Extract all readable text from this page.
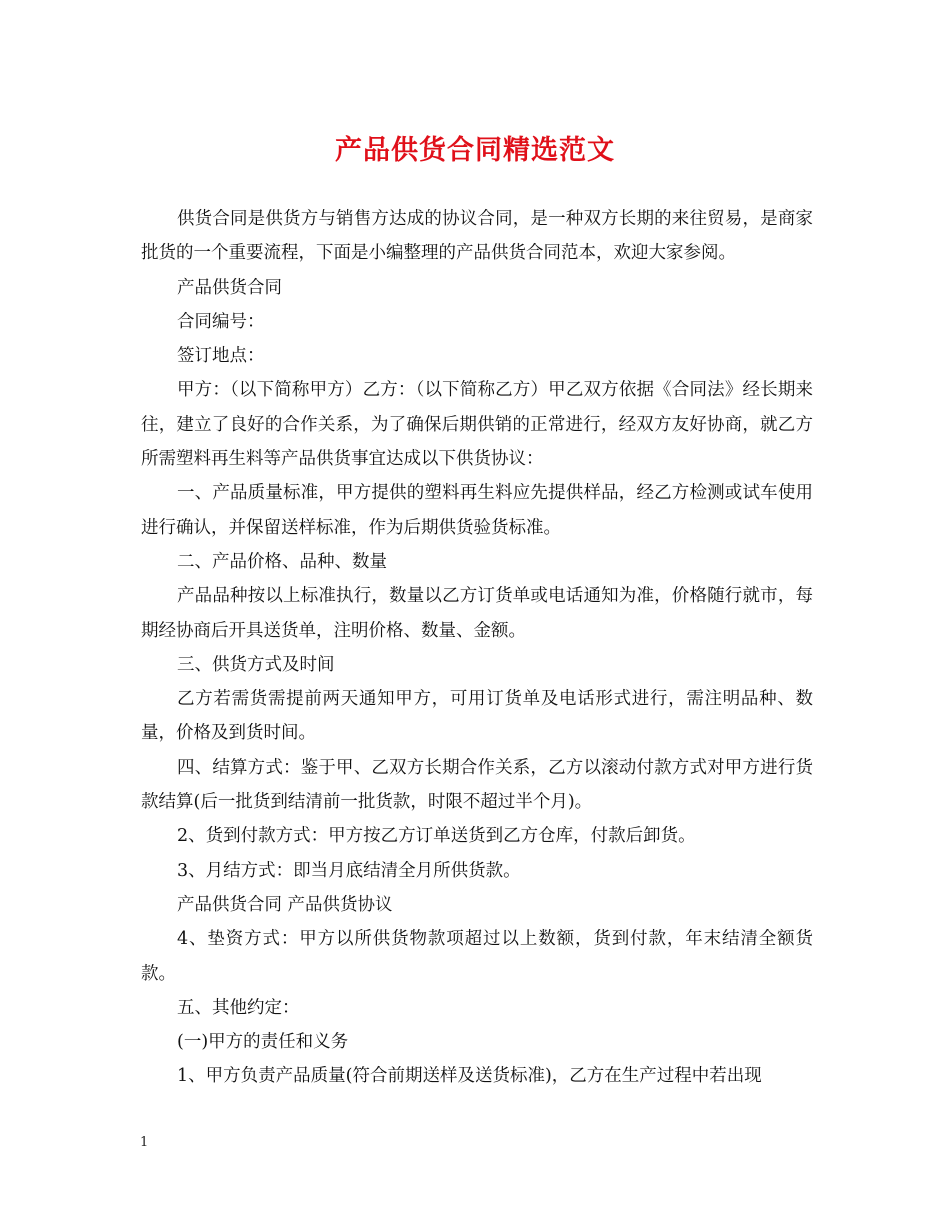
产品供货合同精选范文

供货合同是供货方与销售方达成的协议合同，是一种双方长期的来往贸易，是商家批货的一个重要流程，下面是小编整理的产品供货合同范本，欢迎大家参阅。

产品供货合同

合同编号：

签订地点：

甲方：（以下简称甲方）乙方：（以下简称乙方）甲乙双方依据《合同法》经长期来往，建立了良好的合作关系，为了确保后期供销的正常进行，经双方友好协商，就乙方所需塑料再生料等产品供货事宜达成以下供货协议：

一、产品质量标准，甲方提供的塑料再生料应先提供样品，经乙方检测或试车使用进行确认，并保留送样标准，作为后期供货验货标准。

二、产品价格、品种、数量

产品品种按以上标准执行，数量以乙方订货单或电话通知为准，价格随行就市，每期经协商后开具送货单，注明价格、数量、金额。

三、供货方式及时间

乙方若需货需提前两天通知甲方，可用订货单及电话形式进行，需注明品种、数量，价格及到货时间。

四、结算方式：鉴于甲、乙双方长期合作关系，乙方以滚动付款方式对甲方进行货款结算(后一批货到结清前一批货款，时限不超过半个月)。

2、货到付款方式：甲方按乙方订单送货到乙方仓库，付款后卸货。

3、月结方式：即当月底结清全月所供货款。

产品供货合同 产品供货协议

4、垫资方式：甲方以所供货物款项超过以上数额，货到付款，年末结清全额货款。

五、其他约定：

(一)甲方的责任和义务

1、甲方负责产品质量(符合前期送样及送货标准)，乙方在生产过程中若出现

1
